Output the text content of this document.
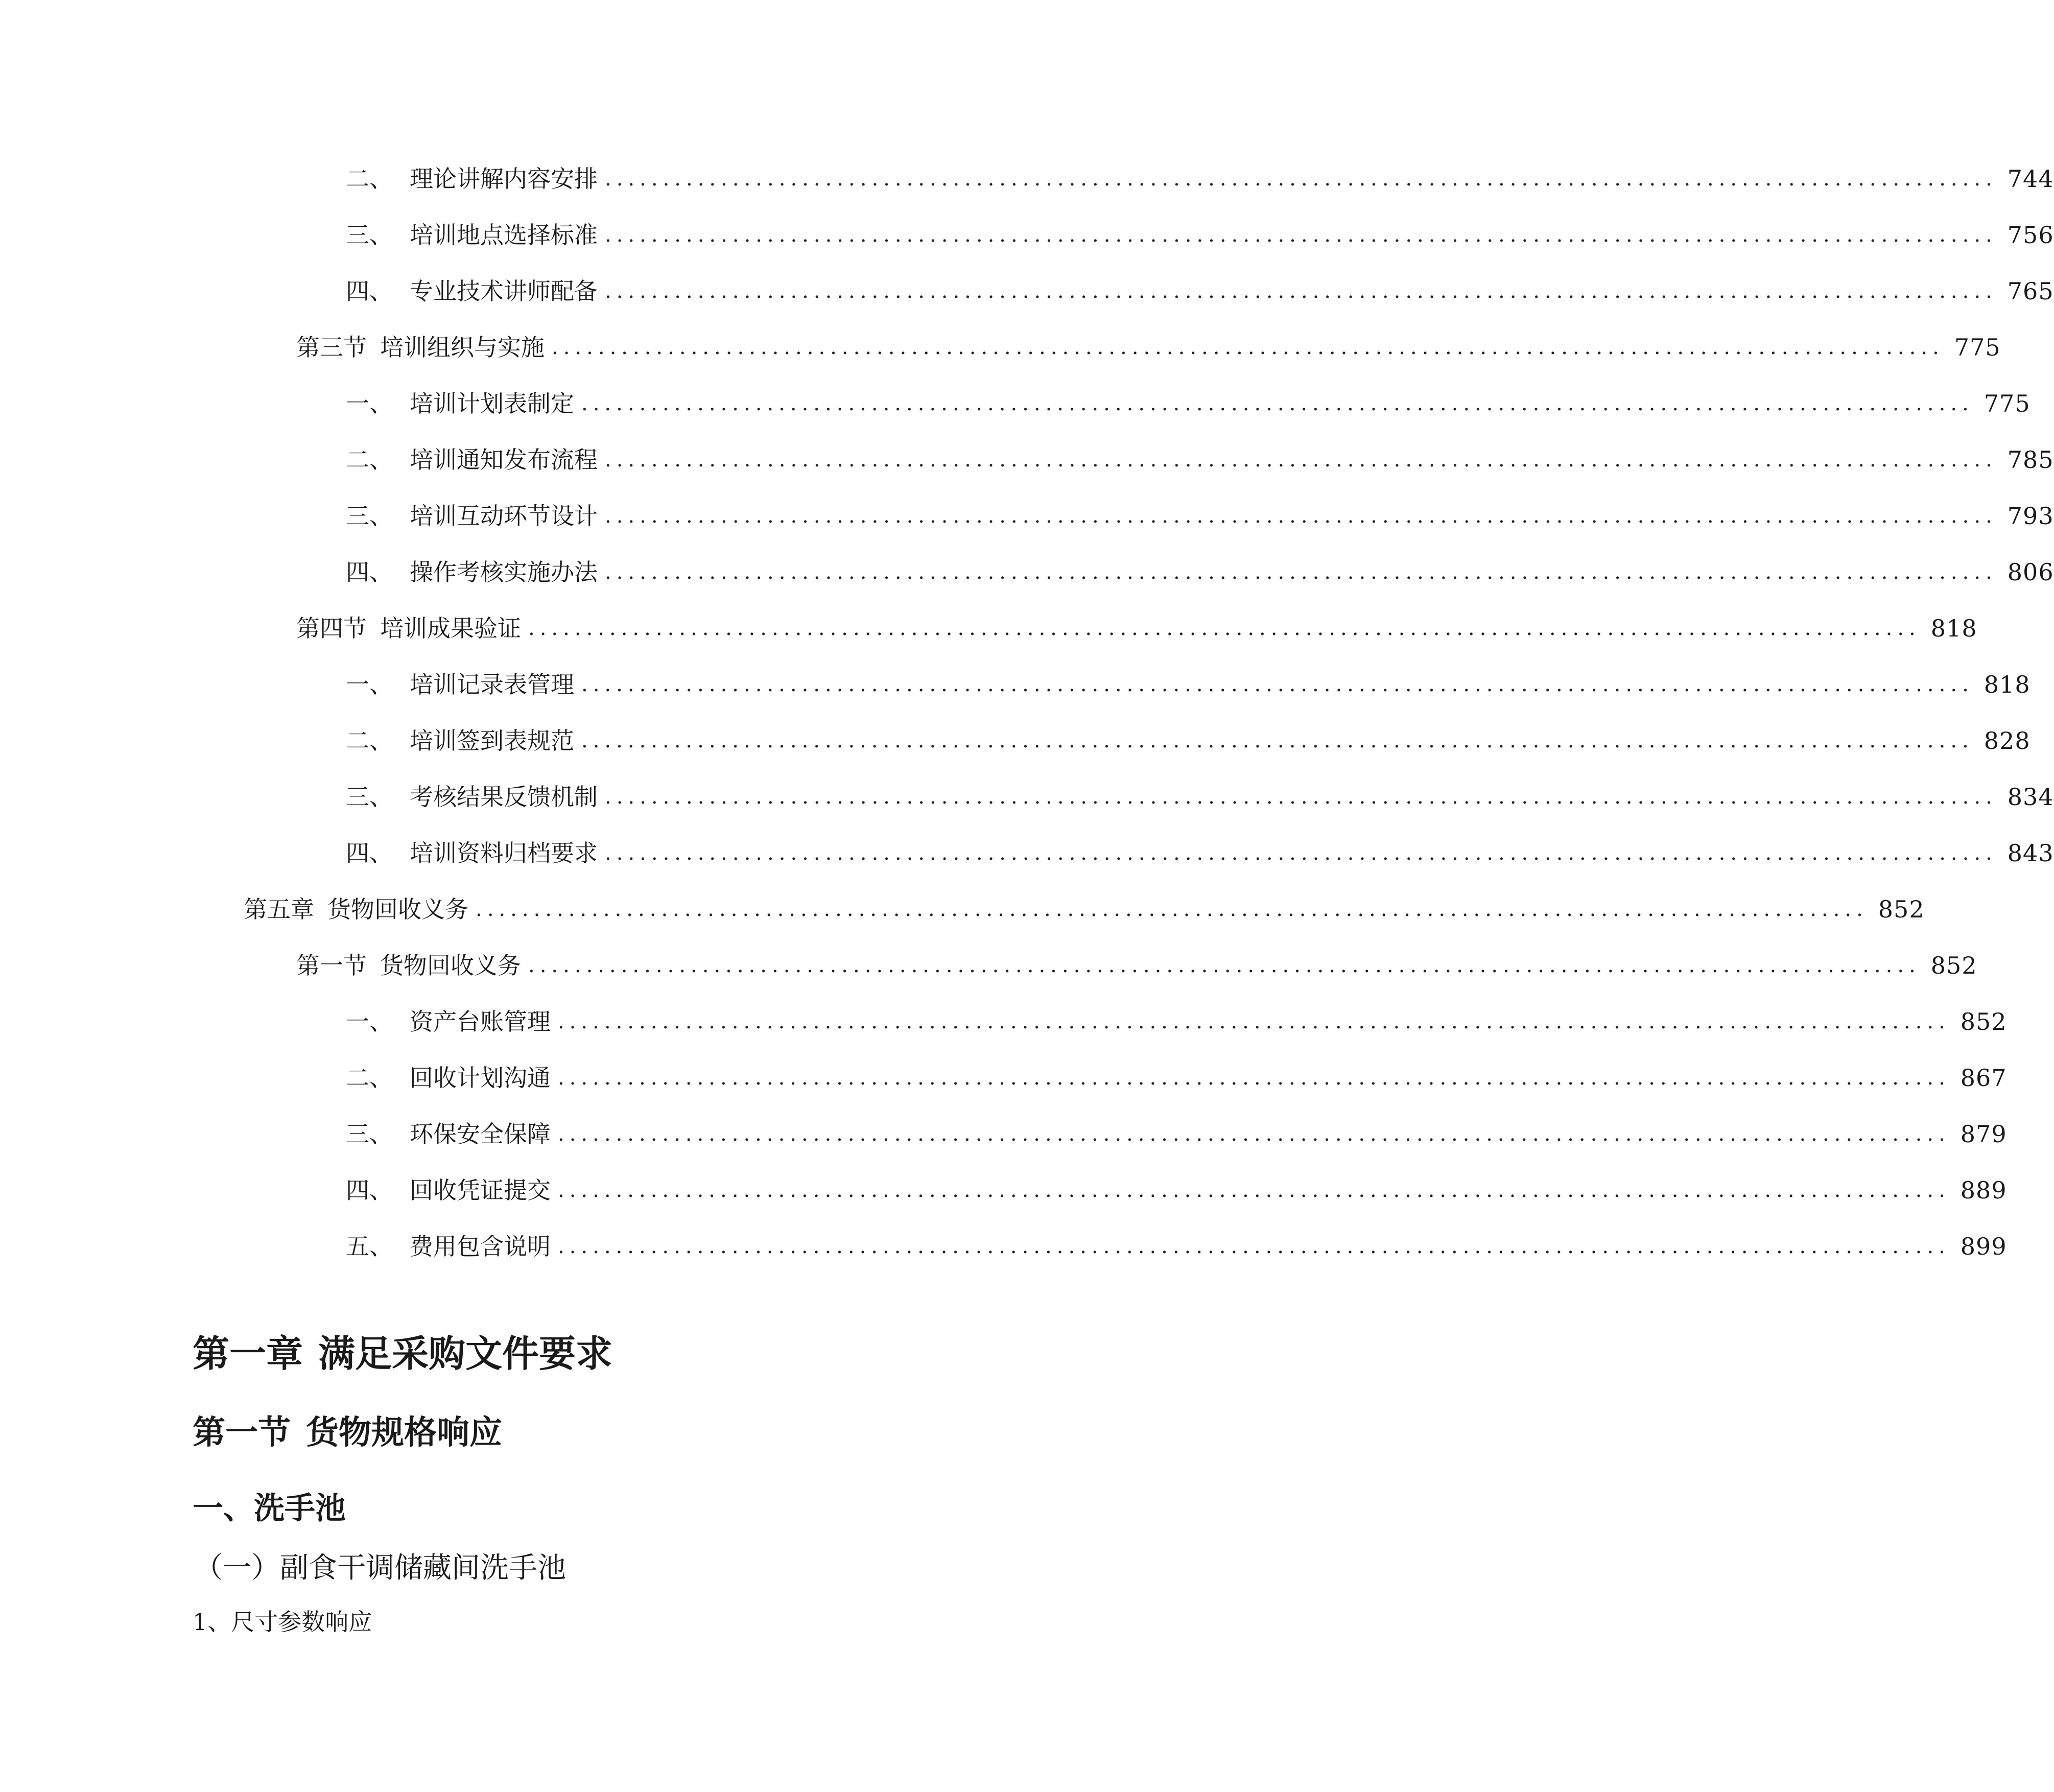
二、 理论讲解内容安排 ........................................................................................................................ 744
三、 培训地点选择标准 ........................................................................................................................ 756
四、 专业技术讲师配备 ........................................................................................................................ 765
第三节 培训组织与实施 ........................................................................................................................ 775
一、 培训计划表制定 ........................................................................................................................ 775
二、 培训通知发布流程 ........................................................................................................................ 785
三、 培训互动环节设计 ........................................................................................................................ 793
四、 操作考核实施办法 ........................................................................................................................ 806
第四节 培训成果验证 ........................................................................................................................ 818
一、 培训记录表管理 ........................................................................................................................ 818
二、 培训签到表规范 ........................................................................................................................ 828
三、 考核结果反馈机制 ........................................................................................................................ 834
四、 培训资料归档要求 ........................................................................................................................ 843
第五章 货物回收义务 ........................................................................................................................ 852
第一节 货物回收义务 ........................................................................................................................ 852
一、 资产台账管理 ........................................................................................................................ 852
二、 回收计划沟通 ........................................................................................................................ 867
三、 环保安全保障 ........................................................................................................................ 879
四、 回收凭证提交 ........................................................................................................................ 889
五、 费用包含说明 ........................................................................................................................ 899
第一章 满足采购文件要求
第一节 货物规格响应
一、洗手池
（一）副食干调储藏间洗手池
1、尺寸参数响应
